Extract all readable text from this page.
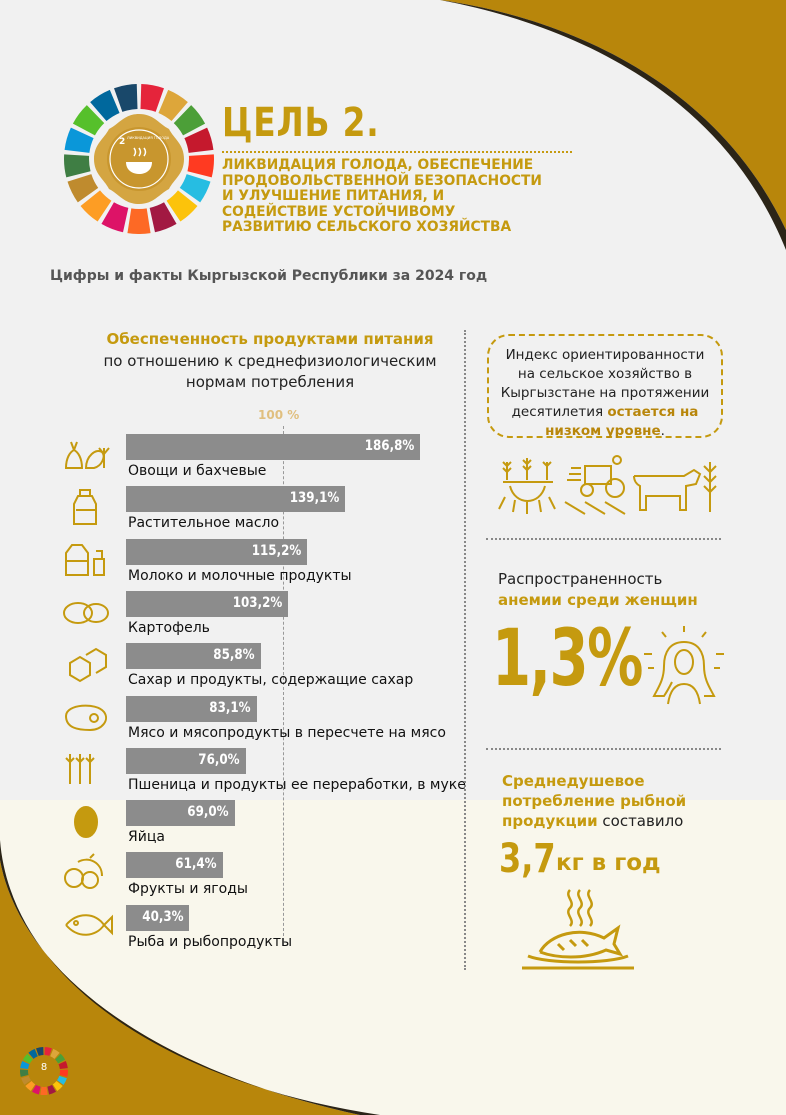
2 ЛИКВИДАЦИЯ ГОЛОДА ЦЕЛЬ 2.
ЛИКВИДАЦИЯ ГОЛОДА, ОБЕСПЕЧЕНИЕ
ПРОДОВОЛЬСТВЕННОЙ БЕЗОПАСНОСТИ
И УЛУЧШЕНИЕ ПИТАНИЯ, И
СОДЕЙСТВИЕ УСТОЙЧИВОМУ
РАЗВИТИЮ СЕЛЬСКОГО ХОЗЯЙСТВА
Цифры и факты Кыргызской Республики за 2024 год
Обеспеченность продуктами питания
по отношению к среднефизиологическим
нормам потребления
100 %
186,8%
Овощи и бахчевые
139,1%
Растительное масло
115,2%
Молоко и молочные продукты
103,2%
Картофель
85,8%
Сахар и продукты, содержащие сахар
83,1%
Мясо и мясопродукты в пересчете на мясо
76,0%
Пшеница и продукты ее переработки, в муке
69,0%
Яйца
61,4%
Фрукты и ягоды
40,3%
Рыба и рыбопродукты
Индекс ориентированности на сельское хозяйство в Кыргызстане на протяжении десятилетия остается на низком уровне.
Распространенность
анемии среди женщин
1,3%
Среднедушевое потребление рыбной продукции составило
3,7 кг в год
8
